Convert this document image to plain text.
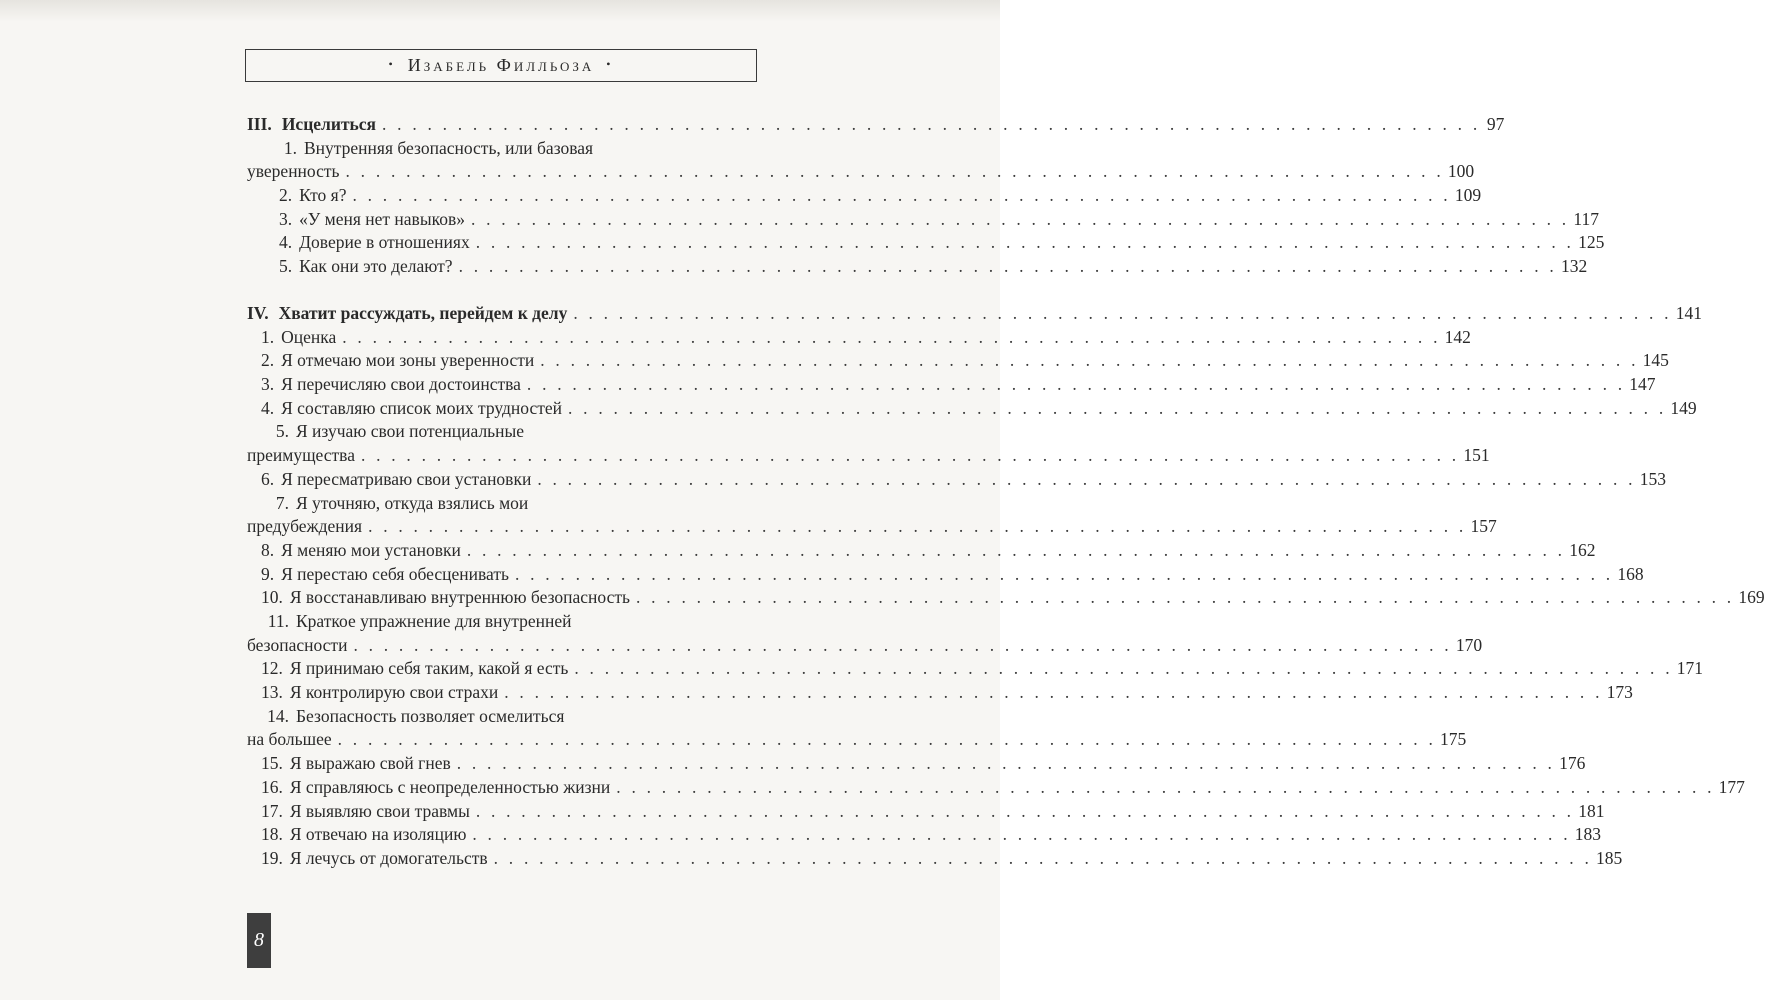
• Изабель Филльоза •
III. Исцелиться . . . . . . . . . . . . . . . . . . . . . . . . . . . . . . . . . . . . . . . . . . . . . . . . . . . . . . . . . . . . . . . . . . . . . . . . . 97
1. Внутренняя безопасность, или базовая
уверенность . . . . . . . . . . . . . . . . . . . . . . . . . . . . . . . . . . . . . . . . . . . . . . . . . . . . . . . . . . . . . . . . . . . . . . . . . 100
2. Кто я? . . . . . . . . . . . . . . . . . . . . . . . . . . . . . . . . . . . . . . . . . . . . . . . . . . . . . . . . . . . . . . . . . . . . . . . . . 109
3. «У меня нет навыков» . . . . . . . . . . . . . . . . . . . . . . . . . . . . . . . . . . . . . . . . . . . . . . . . . . . . . . . . . . . . . . . . . . . . . . . . . 117
4. Доверие в отношениях . . . . . . . . . . . . . . . . . . . . . . . . . . . . . . . . . . . . . . . . . . . . . . . . . . . . . . . . . . . . . . . . . . . . . . . . . 125
5. Как они это делают? . . . . . . . . . . . . . . . . . . . . . . . . . . . . . . . . . . . . . . . . . . . . . . . . . . . . . . . . . . . . . . . . . . . . . . . . . 132
IV. Хватит рассуждать, перейдем к делу . . . . . . . . . . . . . . . . . . . . . . . . . . . . . . . . . . . . . . . . . . . . . . . . . . . . . . . . . . . . . . . . . . . . . . . . . 141
1. Оценка . . . . . . . . . . . . . . . . . . . . . . . . . . . . . . . . . . . . . . . . . . . . . . . . . . . . . . . . . . . . . . . . . . . . . . . . . 142
2. Я отмечаю мои зоны уверенности . . . . . . . . . . . . . . . . . . . . . . . . . . . . . . . . . . . . . . . . . . . . . . . . . . . . . . . . . . . . . . . . . . . . . . . . . 145
3. Я перечисляю свои достоинства . . . . . . . . . . . . . . . . . . . . . . . . . . . . . . . . . . . . . . . . . . . . . . . . . . . . . . . . . . . . . . . . . . . . . . . . . 147
4. Я составляю список моих трудностей . . . . . . . . . . . . . . . . . . . . . . . . . . . . . . . . . . . . . . . . . . . . . . . . . . . . . . . . . . . . . . . . . . . . . . . . . 149
5. Я изучаю свои потенциальные
преимущества . . . . . . . . . . . . . . . . . . . . . . . . . . . . . . . . . . . . . . . . . . . . . . . . . . . . . . . . . . . . . . . . . . . . . . . . . 151
6. Я пересматриваю свои установки . . . . . . . . . . . . . . . . . . . . . . . . . . . . . . . . . . . . . . . . . . . . . . . . . . . . . . . . . . . . . . . . . . . . . . . . . 153
7. Я уточняю, откуда взялись мои
предубеждения . . . . . . . . . . . . . . . . . . . . . . . . . . . . . . . . . . . . . . . . . . . . . . . . . . . . . . . . . . . . . . . . . . . . . . . . . 157
8. Я меняю мои установки . . . . . . . . . . . . . . . . . . . . . . . . . . . . . . . . . . . . . . . . . . . . . . . . . . . . . . . . . . . . . . . . . . . . . . . . . 162
9. Я перестаю себя обесценивать . . . . . . . . . . . . . . . . . . . . . . . . . . . . . . . . . . . . . . . . . . . . . . . . . . . . . . . . . . . . . . . . . . . . . . . . . 168
10. Я восстанавливаю внутреннюю безопасность . . . . . . . . . . . . . . . . . . . . . . . . . . . . . . . . . . . . . . . . . . . . . . . . . . . . . . . . . . . . . . . . . . . . . . . . . 169
11. Краткое упражнение для внутренней
безопасности . . . . . . . . . . . . . . . . . . . . . . . . . . . . . . . . . . . . . . . . . . . . . . . . . . . . . . . . . . . . . . . . . . . . . . . . . 170
12. Я принимаю себя таким, какой я есть . . . . . . . . . . . . . . . . . . . . . . . . . . . . . . . . . . . . . . . . . . . . . . . . . . . . . . . . . . . . . . . . . . . . . . . . . 171
13. Я контролирую свои страхи . . . . . . . . . . . . . . . . . . . . . . . . . . . . . . . . . . . . . . . . . . . . . . . . . . . . . . . . . . . . . . . . . . . . . . . . . 173
14. Безопасность позволяет осмелиться
на большее . . . . . . . . . . . . . . . . . . . . . . . . . . . . . . . . . . . . . . . . . . . . . . . . . . . . . . . . . . . . . . . . . . . . . . . . . 175
15. Я выражаю свой гнев . . . . . . . . . . . . . . . . . . . . . . . . . . . . . . . . . . . . . . . . . . . . . . . . . . . . . . . . . . . . . . . . . . . . . . . . . 176
16. Я справляюсь с неопределенностью жизни . . . . . . . . . . . . . . . . . . . . . . . . . . . . . . . . . . . . . . . . . . . . . . . . . . . . . . . . . . . . . . . . . . . . . . . . . 177
17. Я выявляю свои травмы . . . . . . . . . . . . . . . . . . . . . . . . . . . . . . . . . . . . . . . . . . . . . . . . . . . . . . . . . . . . . . . . . . . . . . . . . 181
18. Я отвечаю на изоляцию . . . . . . . . . . . . . . . . . . . . . . . . . . . . . . . . . . . . . . . . . . . . . . . . . . . . . . . . . . . . . . . . . . . . . . . . . 183
19. Я лечусь от домогательств . . . . . . . . . . . . . . . . . . . . . . . . . . . . . . . . . . . . . . . . . . . . . . . . . . . . . . . . . . . . . . . . . . . . . . . . . 185
8
